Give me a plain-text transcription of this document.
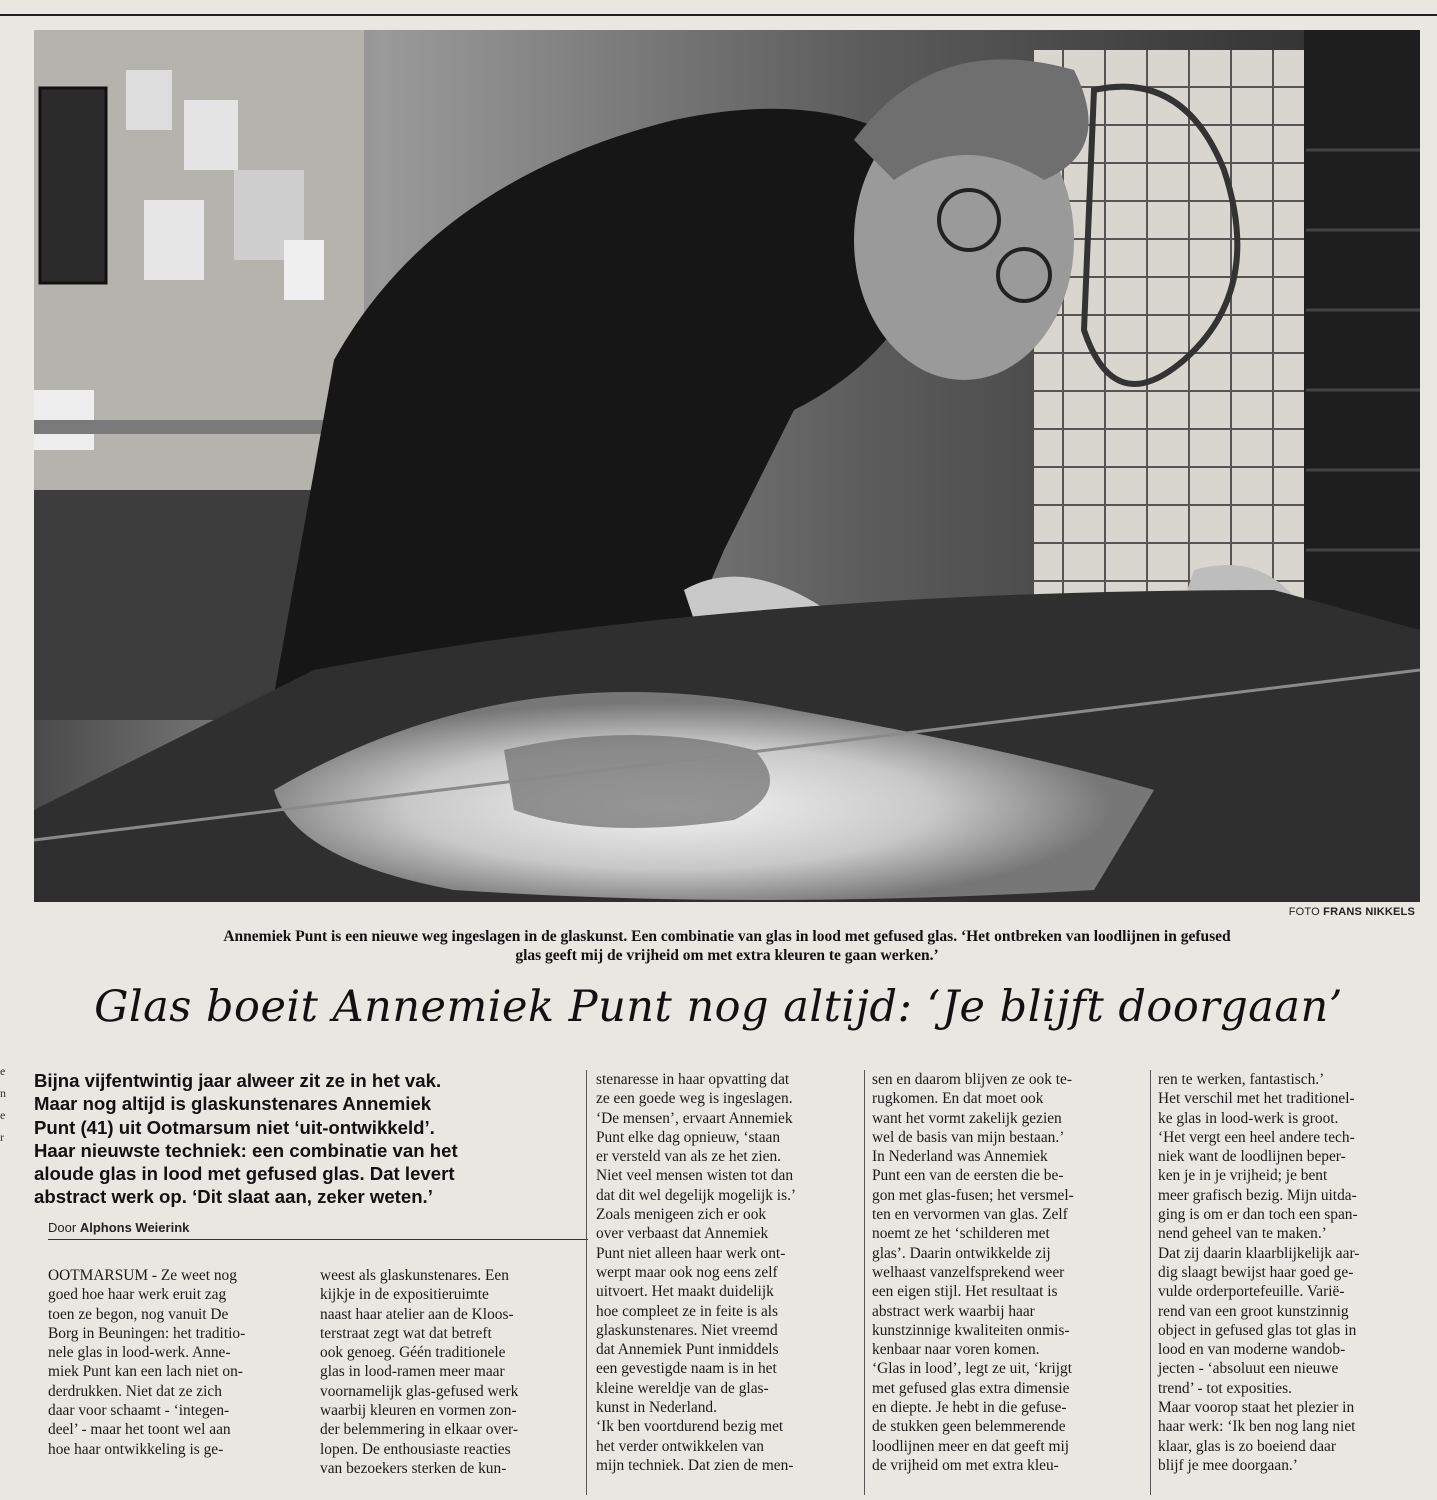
e
n
e
r
FOTO FRANS NIKKELS
Annemiek Punt is een nieuwe weg ingeslagen in de glaskunst. Een combinatie van glas in lood met gefused glas. ‘Het ontbreken van loodlijnen in gefused
glas geeft mij de vrijheid om met extra kleuren te gaan werken.’
Glas boeit Annemiek Punt nog altijd: ‘Je blijft doorgaan’
Bijna vijfentwintig jaar alweer zit ze in het vak.
Maar nog altijd is glaskunstenares Annemiek
Punt (41) uit Ootmarsum niet ‘uit-ontwikkeld’.
Haar nieuwste techniek: een combinatie van het
aloude glas in lood met gefused glas. Dat levert
abstract werk op. ‘Dit slaat aan, zeker weten.’
Door Alphons Weierink

OOTMARSUM - Ze weet nog

goed hoe haar werk eruit zag

toen ze begon, nog vanuit De

Borg in Beuningen: het traditio-

nele glas in lood-werk. Anne-

miek Punt kan een lach niet on-

derdrukken. Niet dat ze zich

daar voor schaamt - ‘integen-

deel’ - maar het toont wel aan

hoe haar ontwikkeling is ge-

weest als glaskunstenares. Een

kijkje in de expositieruimte

naast haar atelier aan de Kloos-

terstraat zegt wat dat betreft

ook genoeg. Géén traditionele

glas in lood-ramen meer maar

voornamelijk glas-gefused werk

waarbij kleuren en vormen zon-

der belemmering in elkaar over-

lopen. De enthousiaste reacties

van bezoekers sterken de kun-

stenaresse in haar opvatting dat

ze een goede weg is ingeslagen.

‘De mensen’, ervaart Annemiek

Punt elke dag opnieuw, ‘staan

er versteld van als ze het zien.

Niet veel mensen wisten tot dan

dat dit wel degelijk mogelijk is.’

Zoals menigeen zich er ook

over verbaast dat Annemiek

Punt niet alleen haar werk ont-

werpt maar ook nog eens zelf

uitvoert. Het maakt duidelijk

hoe compleet ze in feite is als

glaskunstenares. Niet vreemd

dat Annemiek Punt inmiddels

een gevestigde naam is in het

kleine wereldje van de glas-

kunst in Nederland.

‘Ik ben voortdurend bezig met

het verder ontwikkelen van

mijn techniek. Dat zien de men-

sen en daarom blijven ze ook te-

rugkomen. En dat moet ook

want het vormt zakelijk gezien

wel de basis van mijn bestaan.’

In Nederland was Annemiek

Punt een van de eersten die be-

gon met glas-fusen; het versmel-

ten en vervormen van glas. Zelf

noemt ze het ‘schilderen met

glas’. Daarin ontwikkelde zij

welhaast vanzelfsprekend weer

een eigen stijl. Het resultaat is

abstract werk waarbij haar

kunstzinnige kwaliteiten onmis-

kenbaar naar voren komen.

‘Glas in lood’, legt ze uit, ‘krijgt

met gefused glas extra dimensie

en diepte. Je hebt in die gefuse-

de stukken geen belemmerende

loodlijnen meer en dat geeft mij

de vrijheid om met extra kleu-

ren te werken, fantastisch.’

Het verschil met het traditionel-

ke glas in lood-werk is groot.

‘Het vergt een heel andere tech-

niek want de loodlijnen beper-

ken je in je vrijheid; je bent

meer grafisch bezig. Mijn uitda-

ging is om er dan toch een span-

nend geheel van te maken.’

Dat zij daarin klaarblijkelijk aar-

dig slaagt bewijst haar goed ge-

vulde orderportefeuille. Varië-

rend van een groot kunstzinnig

object in gefused glas tot glas in

lood en van moderne wandob-

jecten - ‘absoluut een nieuwe

trend’ - tot exposities.

Maar voorop staat het plezier in

haar werk: ‘Ik ben nog lang niet

klaar, glas is zo boeiend daar

blijf je mee doorgaan.’
